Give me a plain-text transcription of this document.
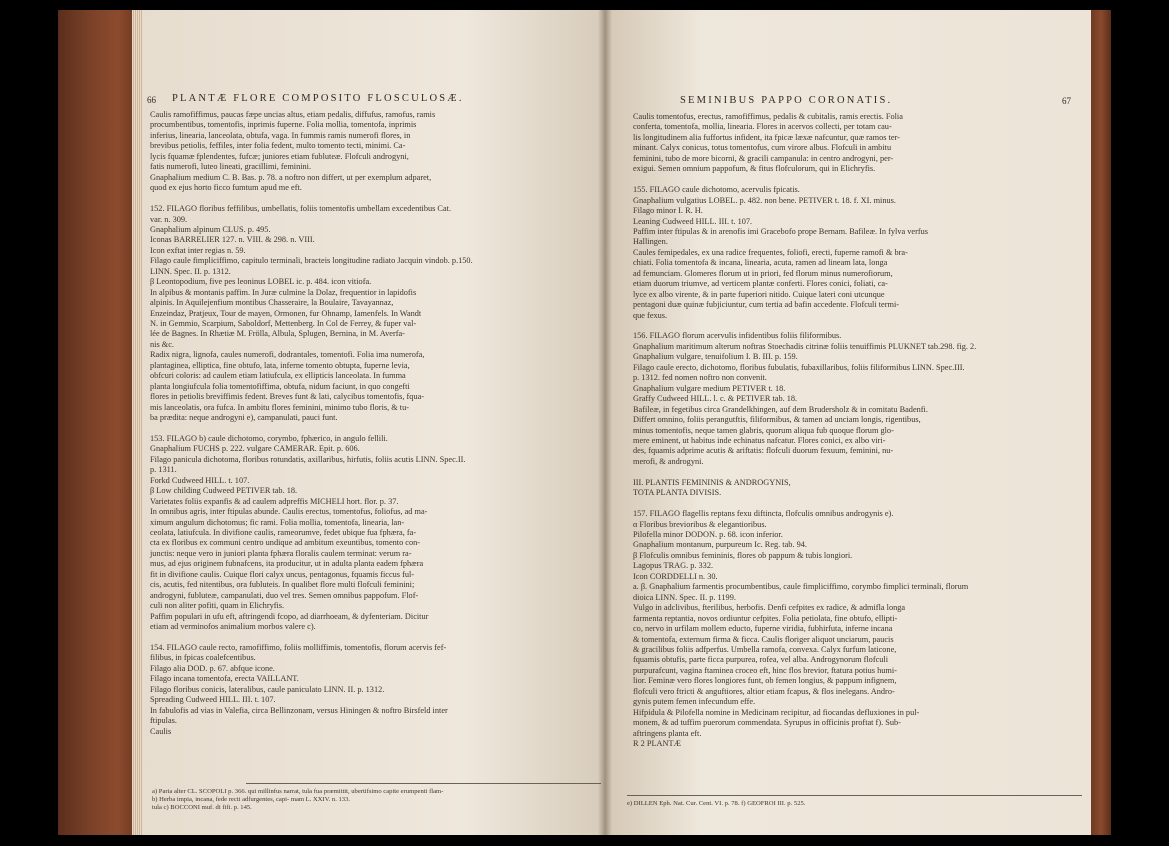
66 PLANTÆ FLORE COMPOSITO FLOSCULOSÆ.
Caulis ramofiffimus, paucas fæpe uncias altus, etiam pedalis, diffufus, ramofus, ramis
procumbentibus, tomentofis, inprimis fuperne. Folia mollia, tomentofa, inprimis
inferius, linearia, lanceolata, obtufa, vaga. In fummis ramis numerofi flores, in
brevibus petiolis, feffiles, inter folia fedent, multo tomento tecti, minimi. Ca-
lycis fquamæ fplendentes, fufcæ; juniores etiam fubluteæ. Flofculi androgyni,
fatis numerofi, luteo lineati, gracillimi, feminini.
Gnaphalium medium C. B. Bas. p. 78. a noftro non differt, ut per exemplum adparet,
quod ex ejus horto ficco fumtum apud me eft.
152. FILAGO floribus feffilibus, umbellatis, foliis tomentofis umbellam excedentibus Cat.
var. n. 309.
Gnaphalium alpinum CLUS. p. 495.
Iconas BARRELIER 127. n. VIII. & 298. n. VIII.
Icon exftat inter regias n. 59.
Filago caule fimpliciffimo, capitulo terminali, bracteis longitudine radiato Jacquin vindob. p.150.
LINN. Spec. II. p. 1312.
β Leontopodium, five pes leoninus LOBEL ic. p. 484. icon vitiofa.
In alpibus & montanis paffim. In Juræ culmine la Dolaz, frequentior in lapidofis
alpinis. In Aquilejenfium montibus Chasseraire, la Boulaire, Tavayannaz,
Enzeindaz, Pratjeux, Tour de mayen, Ormonen, fur Ohnamp, Iamenfels. In Wandt
N. in Gemmio, Scarpium, Saboldorf, Mettenberg. In Col de Ferrey, & fuper val-
lée de Bagnes. In Rhætiæ M. Frölla, Albula, Splugen, Bernina, in M. Averfa-
nis &c.
Radix nigra, lignofa, caules numerofi, dodrantales, tomentofi. Folia ima numerofa,
plantaginea, elliptica, fine obtufo, lata, inferne tomento obtupta, fuperne levia,
obfcuri coloris: ad caulem etiam latiufcula, ex ellipticis lanceolata. In fumma
planta longiufcula folia tomentofiffima, obtufa, nidum faciunt, in quo congefti
flores in petiolis breviffimis fedent. Breves funt & lati, calycibus tomentofis, fqua-
mis lanceolatis, ora fufca. In ambitu flores feminini, minimo tubo floris, & tu-
ba prædita: neque androgyni e), campanulati, pauci funt.
153. FILAGO b) caule dichotomo, corymbo, fphærico, in angulo fellili.
Gnaphalium FUCHS p. 222. vulgare CAMERAR. Epit. p. 606.
Filago panicula dichotoma, floribus rotundatis, axillaribus, hirfutis, foliis acutis LINN. Spec.II.
p. 1311.
Forkd Cudweed HILL. t. 107.
β Low childing Cudweed PETIVER tab. 18.
Varietates foliis expanfis & ad caulem adpreffis MICHELI hort. flor. p. 37.
In omnibus agris, inter ftipulas abunde. Caulis erectus, tomentofus, foliofus, ad ma-
ximum angulum dichotomus; fic rami. Folia mollia, tomentofa, linearia, lan-
ceolata, latiufcula. In divifione caulis, rameorumve, fedet ubique fua fphæra, fa-
cta ex floribus ex communi centro undique ad ambitum exeuntibus, tomento con-
junctis: neque vero in juniori planta fphæra floralis caulem terminat: verum ra-
mus, ad ejus originem fubnafcens, ita producitur, ut in adulta planta eadem fphæra
fit in divifione caulis. Cuique flori calyx uncus, pentagonus, fquamis ficcus ful-
cis, acutis, fed nitentibus, ora fubluteis. In qualibet flore multi flofculi feminini;
androgyni, fubluteæ, campanulati, duo vel tres. Semen omnibus pappofum. Flof-
culi non aliter pofiti, quam in Elichryfis.
Paffim populari in ufu eft, aftringendi fcopo, ad diarrhoeam, & dyfenteriam. Dicitur
etiam ad verminofos animalium morbos valere c).
154. FILAGO caule recto, ramofiffimo, foliis molliffimis, tomentofis, florum acervis fef-
filibus, in fpicas coalefcentibus.
Filago alia DOD. p. 67. abfque icone.
Filago incana tomentofa, erecta VAILLANT.
Filago floribus conicis, lateralibus, caule paniculato LINN. II. p. 1312.
Spreading Cudweed HILL. III. t. 107.
In fabulofis ad vias in Valefia, circa Bellinzonam, versus Hiningen & noftro Birsfeld inter
ftipulas.
Caulis
a) Paria alter CL. SCOPOLI p. 366. qui millinfus narrat, tula fua præmittit, ubertifsimo capite erumpenti flam-
b) Herba impia, incana, fede recti adfurgentes, capi- mam L. XXIV. n. 133.
tula c) BOCCONI muf. di fifi. p. 145.
SEMINIBUS PAPPO CORONATIS.	67
Caulis tomentofus, erectus, ramofiffimus, pedalis & cubitalis, ramis erectis. Folia
conferta, tomentofa, mollia, linearia. Flores in acervos collecti, per totam cau-
lis longitudinem alia fuffortus infident, ita fpicæ læxæ nafcuntur, quæ ramos ter-
minant. Calyx conicus, totus tomentofus, cum virore albus. Flofculi in ambitu
feminini, tubo de more bicorni, & gracili campanula: in centro androgyni, per-
exigui. Semen omnium pappofum, & fitus flofculorum, qui in Elichryfis.
155. FILAGO caule dichotomo, acervulis fpicatis.
Gnaphalium vulgatius LOBEL. p. 482. non bene. PETIVER t. 18. f. XI. minus.
Filago minor I. R. H.
Leaning Cudweed HILL. III. t. 107.
Paffim inter ftipulas & in arenofis imi Gracebofo prope Bernam. Bafileæ. In fylva verfus
Hallingen.
Caules femipedales, ex una radice frequentes, foliofi, erecti, fuperne ramofi & bra-
chiati. Folia tomentofa & incana, linearia, acuta, ramen ad lineam lata, longa
ad femunciam. Glomeres florum ut in priori, fed florum minus numerofiorum,
etiam duorum triumve, ad verticem plantæ conferti. Flores conici, foliati, ca-
lyce ex albo virente, & in parte fuperiori nitido. Cuique lateri coni utcunque
pentagoni duæ quinæ fubjiciuntur, cum tertia ad bafin accedente. Flofculi termi-
que fexus.
156. FILAGO florum acervulis infidentibus foliis filiformibus.
Gnaphalium maritimum alterum noftras Stoechadis citrinæ foliis tenuiffimis PLUKNET tab.298. fig. 2.
Gnaphalium vulgare, tenuifolium I. B. III. p. 159.
Filago caule erecto, dichotomo, floribus fubulatis, fubaxillaribus, foliis filiformibus LINN. Spec.III.
p. 1312. fed nomen noftro non convenit.
Gnaphalium vulgare medium PETIVER t. 18.
Graffy Cudweed HILL. l. c. & PETIVER tab. 18.
Bafileæ, in fegetibus circa Grandelkhingen, auf dem Brudersholz & in comitatu Badenfi.
Differt omnino, foliis perangutftis, filiformibus, & tamen ad unciam longis, rigentibus,
minus tomentofis, neque tamen glabris, quorum aliqua fub quoque florum glo-
mere eminent, ut habitus inde echinatus nafcatur. Flores conici, ex albo viri-
des, fquamis adprime acutis & ariftatis: flofculi duorum fexuum, feminini, nu-
merofi, & androgyni.
III. PLANTIS FEMININIS & ANDROGYNIS,
TOTA PLANTA DIVISIS.
157. FILAGO flagellis reptans fexu diftincta, flofculis omnibus androgynis e).
α Floribus brevioribus & elegantioribus.
Pilofella minor DODON. p. 68. icon inferior.
Gnaphalium montanum, purpureum Ic. Reg. tab. 94.
β Flofculis omnibus femininis, flores ob pappum & tubis longiori.
Lagopus TRAG. p. 332.
Icon CORDDELLI n. 30.
a. β. Gnaphalium farmentis procumbentibus, caule fimpliciffimo, corymbo fimplici terminali, florum
dioica LINN. Spec. II. p. 1199.
Vulgo in adclivibus, fterilibus, herbofis. Denfi cefpites ex radice, & admifla longa
farmenta reptantia, novos ordiuntur cefpites. Folia petiolata, fine obtufo, ellipti-
co, nervo in urfilam mollem educto, fuperne viridia, fubhirfuta, inferne incana
& tomentofa, externum firma & ficca. Caulis floriger aliquot unciarum, paucis
& gracilibus foliis adfperfus. Umbella ramofa, convexa. Calyx furfum laticone,
fquamis obtufis, parte ficca purpurea, rofea, vel alba. Androgynorum flofculi
purpurafcunt, vagina ftaminea croceo eft, hinc flos brevior, ftatura potius humi-
lior. Feminæ vero flores longiores funt, ob femen longius, & pappum infignem,
flofculi vero ftricti & anguftiores, altior etiam fcapus, & flos inelegans. Andro-
gynis putem femen infecundum effe.
Hifpidula & Pilofella nomine in Medicinam recipitur, ad fiocandas defluxiones in pul-
monem, & ad tuffim puerorum commendata. Syrupus in officinis proftat f). Sub-
aftringens planta eft.
R 2 PLANTÆ
e) DILLEN Eph. Nat. Cur. Cent. VI. p. 78. f) GEOFROI III. p. 525.
